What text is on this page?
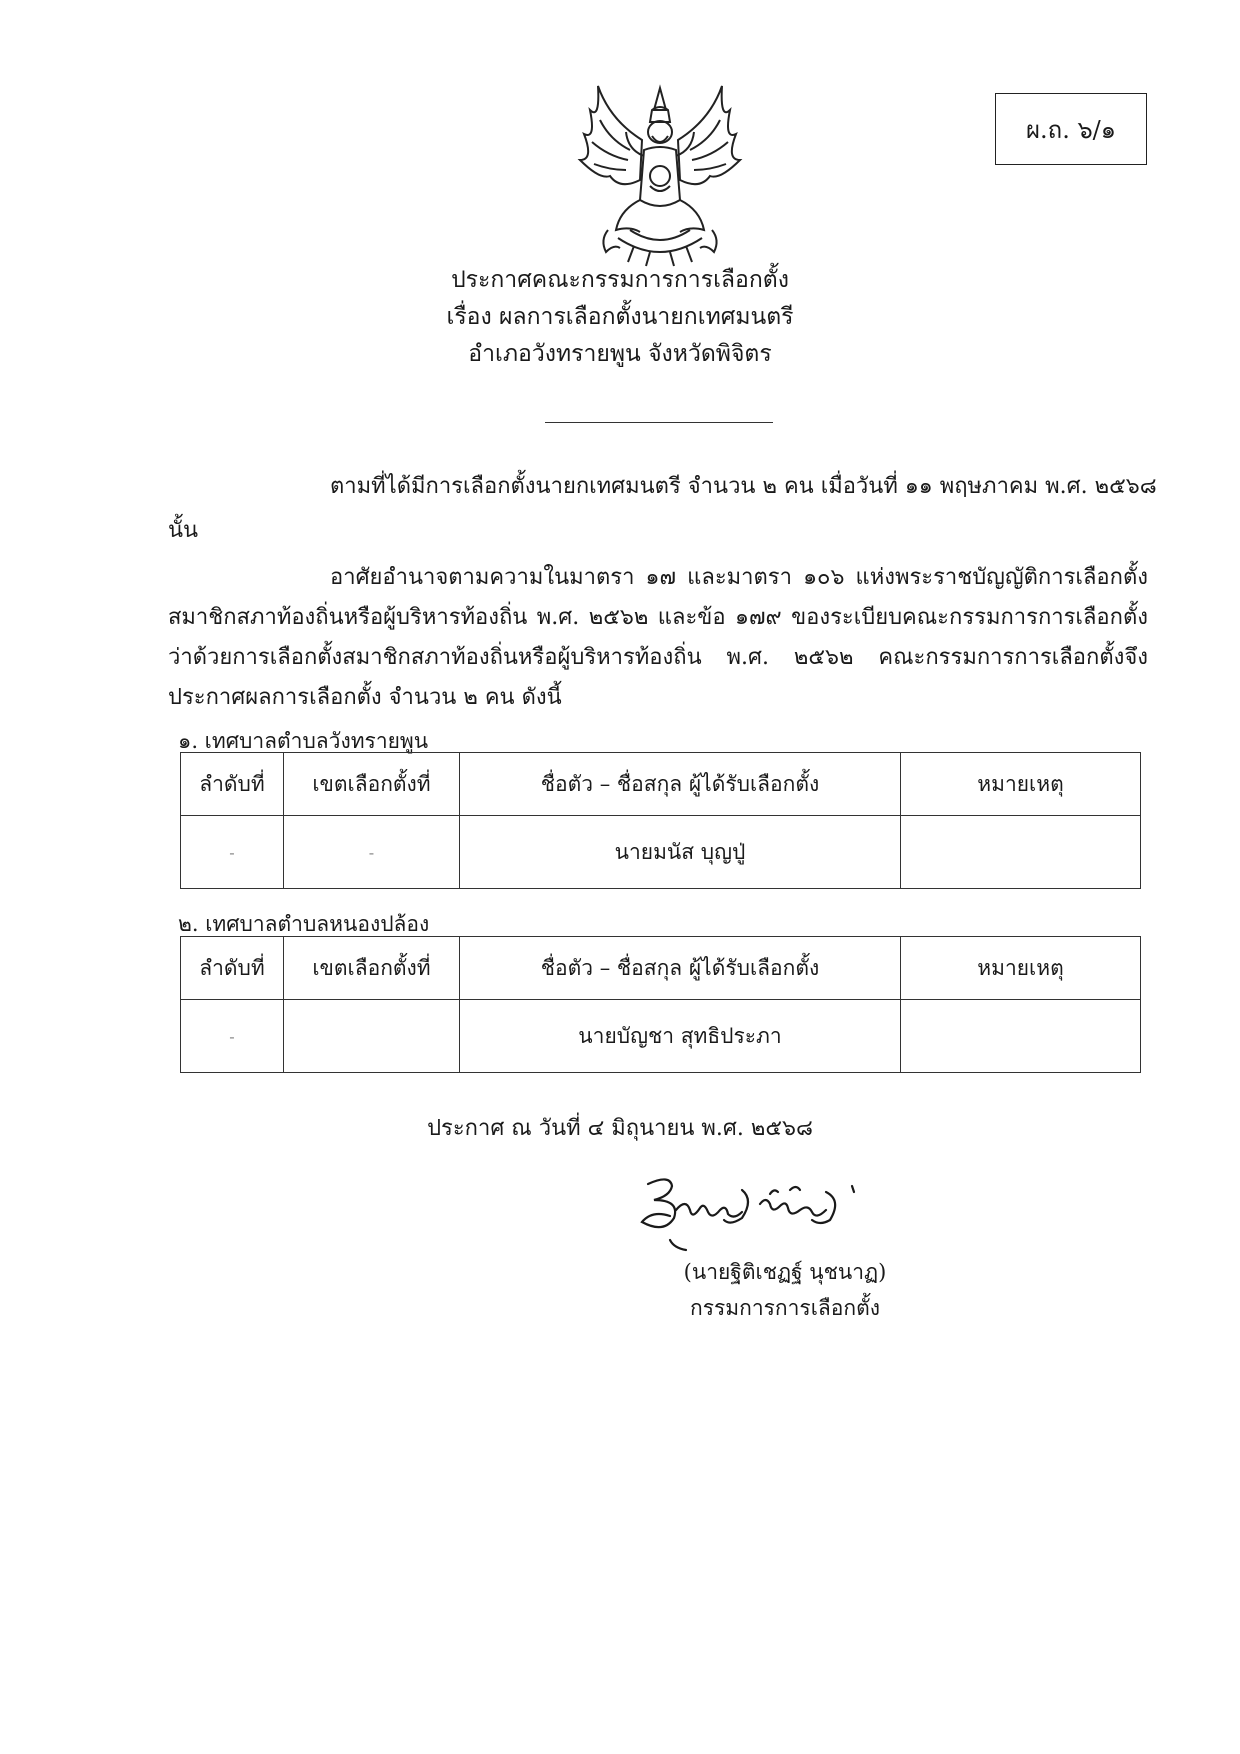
ผ.ถ. ๖/๑
ประกาศคณะกรรมการการเลือกตั้ง
เรื่อง ผลการเลือกตั้งนายกเทศมนตรี
อำเภอวังทรายพูน จังหวัดพิจิตร
ตามที่ได้มีการเลือกตั้งนายกเทศมนตรี จำนวน ๒ คน เมื่อวันที่ ๑๑ พฤษภาคม พ.ศ. ๒๕๖๘
นั้น
อาศัยอำนาจตามความในมาตรา ๑๗ และมาตรา ๑๐๖ แห่งพระราชบัญญัติการเลือกตั้งสมาชิกสภาท้องถิ่นหรือผู้บริหารท้องถิ่น พ.ศ. ๒๕๖๒ และข้อ ๑๗๙ ของระเบียบคณะกรรมการการเลือกตั้งว่าด้วยการเลือกตั้งสมาชิกสภาท้องถิ่นหรือผู้บริหารท้องถิ่น พ.ศ. ๒๕๖๒ คณะกรรมการการเลือกตั้งจึงประกาศผลการเลือกตั้ง จำนวน ๒ คน ดังนี้
๑. เทศบาลตำบลวังทรายพูน
ลำดับที่	เขตเลือกตั้งที่	ชื่อตัว – ชื่อสกุล ผู้ได้รับเลือกตั้ง	หมายเหตุ
-	-	นายมนัส บุญปู่	
๒. เทศบาลตำบลหนองปล้อง
ลำดับที่	เขตเลือกตั้งที่	ชื่อตัว – ชื่อสกุล ผู้ได้รับเลือกตั้ง	หมายเหตุ
-		นายบัญชา สุทธิประภา	
ประกาศ ณ วันที่ ๔ มิถุนายน พ.ศ. ๒๕๖๘
(นายฐิติเชฏฐ์ นุชนาฏ)
กรรมการการเลือกตั้ง
